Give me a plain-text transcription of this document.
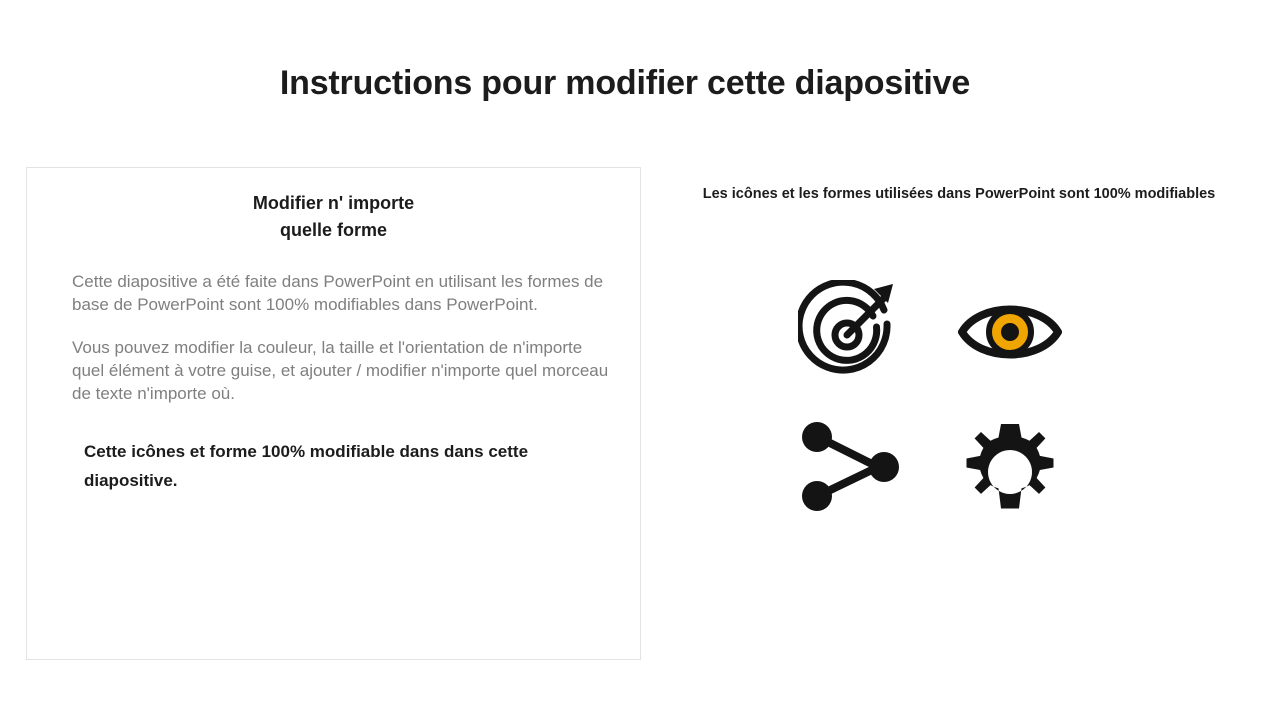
Instructions pour modifier cette diapositive
Modifier n' importe
quelle forme

Cette diapositive a été faite dans PowerPoint en utilisant les formes de base de PowerPoint sont 100% modifiables dans PowerPoint.

Vous pouvez modifier la couleur, la taille et l'orientation de n'importe quel élément à votre guise, et ajouter / modifier n'importe quel morceau de texte n'importe où.

Cette icônes et forme 100% modifiable dans dans cette diapositive.
Les icônes et les formes utilisées dans PowerPoint sont 100% modifiables
